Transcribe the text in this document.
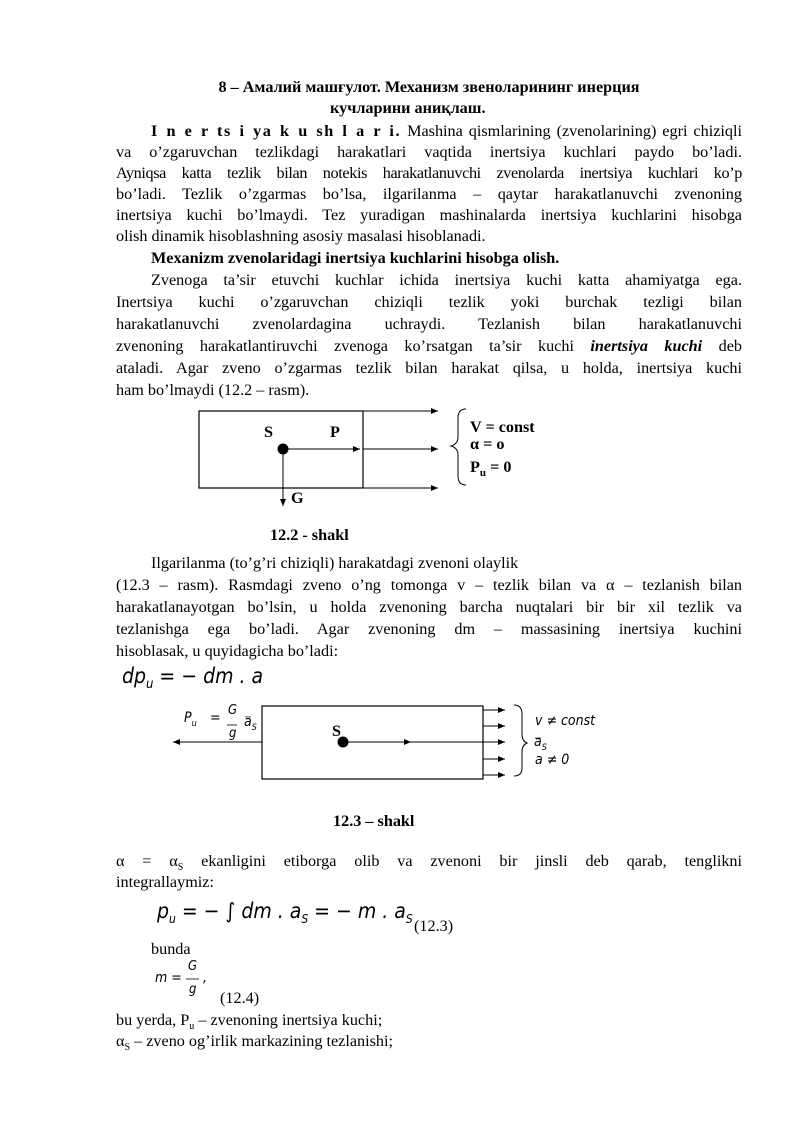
8 – Амалий машғулот. Механизм звеноларининг инерция
кучларини аниқлаш.
I n e r ts i ya k u sh l a r i. Mashina qismlarining (zvenolarining) egri chiziqli
va o’zgaruvchan tezlikdagi harakatlari vaqtida inertsiya kuchlari paydo bo’ladi.
Ayniqsa katta tezlik bilan notekis harakatlanuvchi zvenolarda inertsiya kuchlari ko’p
bo’ladi. Tezlik o’zgarmas bo’lsa, ilgarilanma – qaytar harakatlanuvchi zvenoning
inertsiya kuchi bo’lmaydi. Tez yuradigan mashinalarda inertsiya kuchlarini hisobga
olish dinamik hisoblashning asosiy masalasi hisoblanadi.
Mexanizm zvenolaridagi inertsiya kuchlarini hisobga olish.
Zvenoga ta’sir etuvchi kuchlar ichida inertsiya kuchi katta ahamiyatga ega.
Inertsiya kuchi o’zgaruvchan chiziqli tezlik yoki burchak tezligi bilan
harakatlanuvchi zvenolardagina uchraydi. Tezlanish bilan harakatlanuvchi
zvenoning harakatlantiruvchi zvenoga ko’rsatgan ta’sir kuchi inertsiya kuchi deb
ataladi. Agar zveno o’zgarmas tezlik bilan harakat qilsa, u holda, inertsiya kuchi
ham bo’lmaydi (12.2 – rasm).
S	P
G
V = const
α = o
$P_u = 0$
12.2 - shakl
Ilgarilanma (to’g’ri chiziqli) harakatdagi zvenoni olaylik
(12.3 – rasm). Rasmdagi zveno o’ng tomonga v – tezlik bilan va α – tezlanish bilan
harakatlanayotgan bo’lsin, u holda zvenoning barcha nuqtalari bir bir xil tezlik va
tezlanishga ega bo’ladi. Agar zvenoning dm – massasining inertsiya kuchini
hisoblasak, u quyidagicha bo’ladi:
$dp_u$ = − dm . a
$P_u = G$
g
$a_S$	S
v ≠ const
$a_S$
a ≠ 0
12.3 – shakl
$\alpha = \alpha_S$ ekanligini etiborga olib va zvenoni bir jinsli deb qarab, tenglikni
integrallaymiz:
$p_u$ = − ∫ dm . $a_S$ = − m . $a_S$ (12.3)
bunda
m =
G
g
,
(12.4)
bu yerda, $P_u$ – zvenoning inertsiya kuchi;
$\alpha_S$ – zveno og’irlik markazining tezlanishi;
